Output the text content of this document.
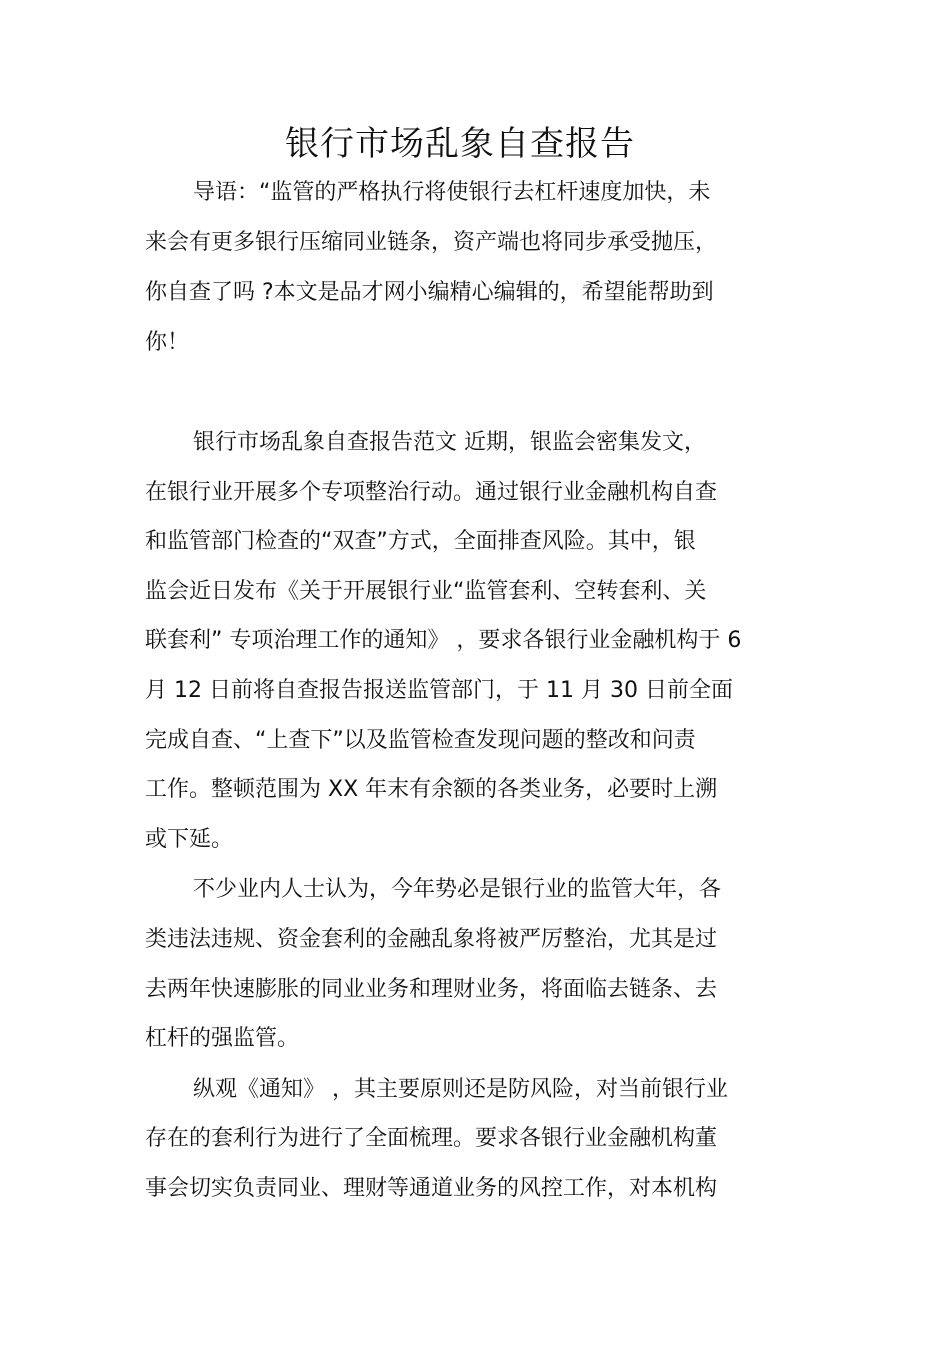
银行市场乱象自查报告
导语：“监管的严格执行将使银行去杠杆速度加快，未
来会有更多银行压缩同业链条，资产端也将同步承受抛压，
你自查了吗 ?本文是品才网小编精心编辑的，希望能帮助到
你！
银行市场乱象自查报告范文 近期，银监会密集发文，
在银行业开展多个专项整治行动。通过银行业金融机构自查
和监管部门检查的“双查”方式，全面排查风险。其中，银
监会近日发布《关于开展银行业“监管套利、空转套利、关
联套利” 专项治理工作的通知》 ，要求各银行业金融机构于 6
月 12 日前将自查报告报送监管部门，于 11 月 30 日前全面
完成自查、“上查下”以及监管检查发现问题的整改和问责
工作。整顿范围为 XX 年末有余额的各类业务，必要时上溯
或下延。
不少业内人士认为，今年势必是银行业的监管大年，各
类违法违规、资金套利的金融乱象将被严厉整治，尤其是过
去两年快速膨胀的同业业务和理财业务，将面临去链条、去
杠杆的强监管。
纵观《通知》 ，其主要原则还是防风险，对当前银行业
存在的套利行为进行了全面梳理。要求各银行业金融机构董
事会切实负责同业、理财等通道业务的风控工作，对本机构
